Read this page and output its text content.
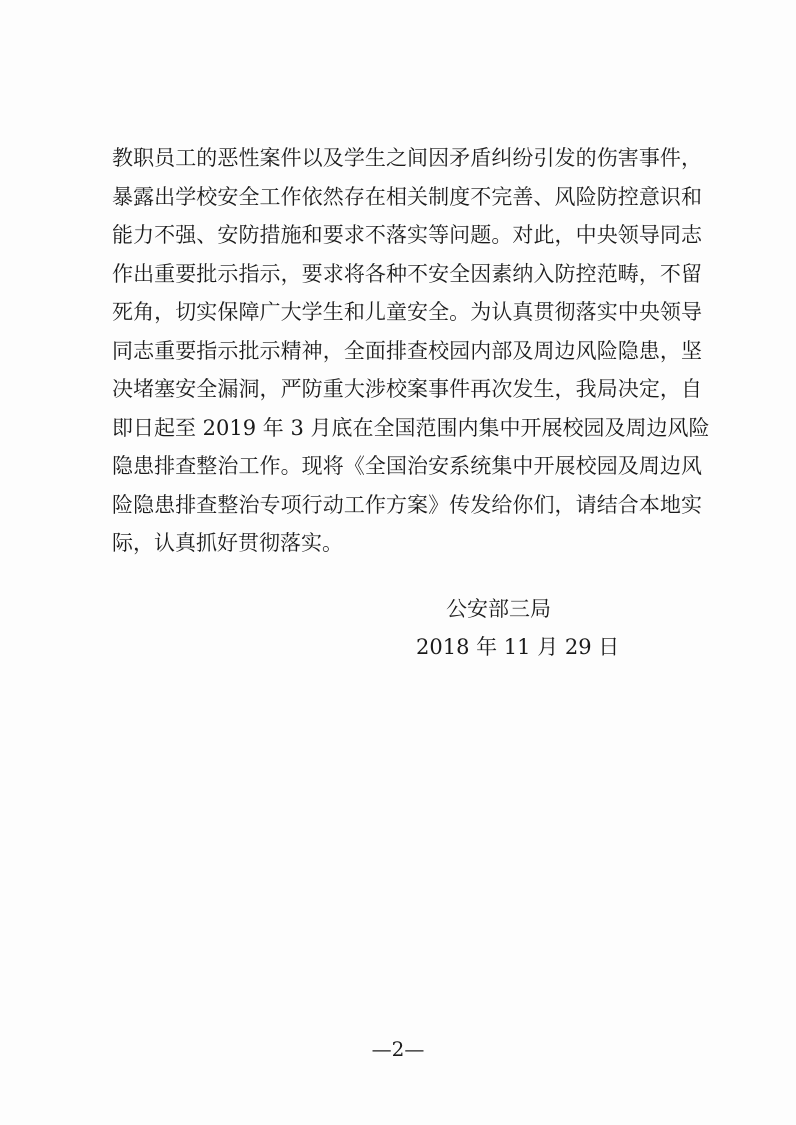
教职员工的恶性案件以及学生之间因矛盾纠纷引发的伤害事件，
暴露出学校安全工作依然存在相关制度不完善、风险防控意识和
能力不强、安防措施和要求不落实等问题。对此，中央领导同志
作出重要批示指示，要求将各种不安全因素纳入防控范畴，不留
死角，切实保障广大学生和儿童安全。为认真贯彻落实中央领导
同志重要指示批示精神，全面排查校园内部及周边风险隐患，坚
决堵塞安全漏洞，严防重大涉校案事件再次发生，我局决定，自
即日起至 2019 年 3 月底在全国范围内集中开展校园及周边风险
隐患排查整治工作。现将《全国治安系统集中开展校园及周边风
险隐患排查整治专项行动工作方案》传发给你们，请结合本地实
际，认真抓好贯彻落实。
公安部三局
2018 年 11 月 29 日
—2—
